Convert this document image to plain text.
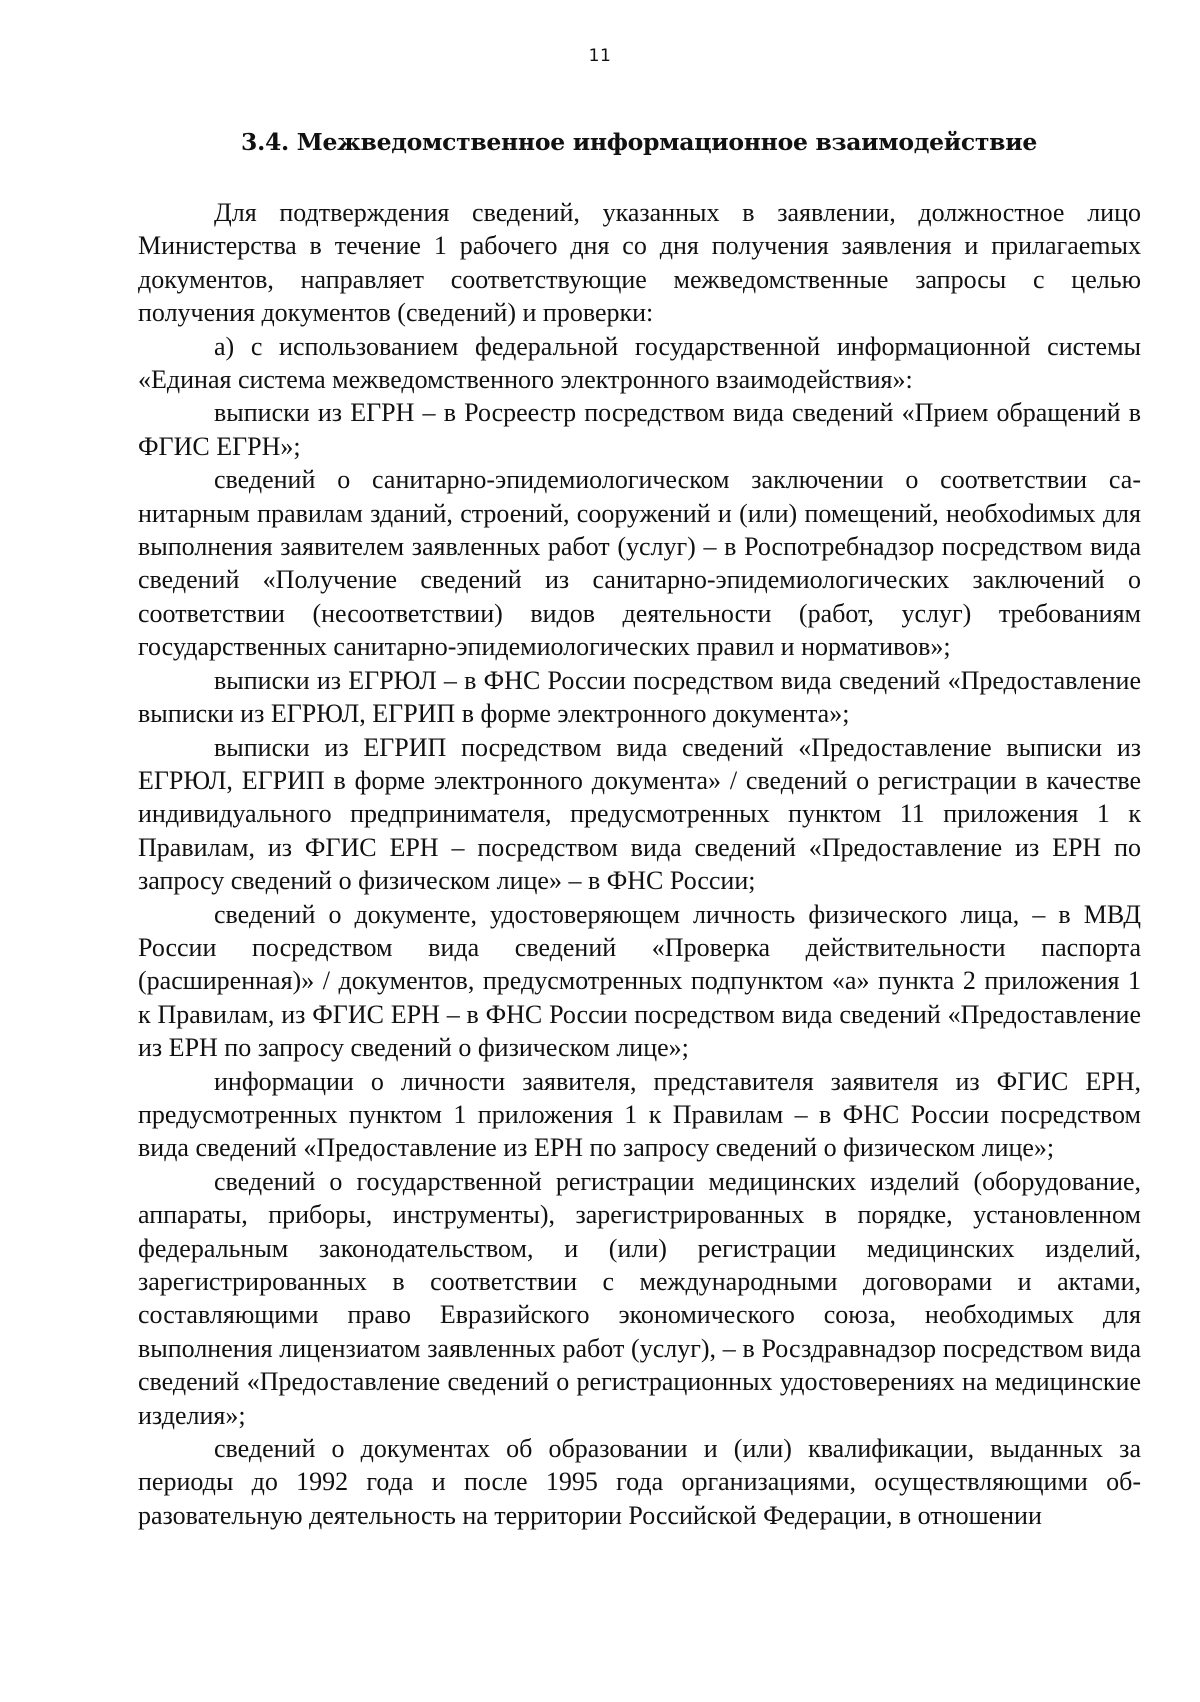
11
3.4. Межведомственное информационное взаимодействие

Для подтверждения сведений, указанных в заявлении, должностное лицо Министерства в течение 1 рабочего дня со дня получения заявления и прилагаemых документов, направляет соответствующие межведомственные запросы с целью получения документов (сведений) и проверки:

а) с использованием федеральной государственной информационной системы «Единая система межведомственного электронного взаимодействия»:

выписки из ЕГРН – в Росреестр посредством вида сведений «Прием обращений в ФГИС ЕГРН»;

сведений о санитарно-эпидемиологическом заключении о соответствии санитарным правилам зданий, строений, сооружений и (или) помещений, необхоdимых для выполнения заявителем заявленных работ (услуг) – в Роспотребнадзор посредством вида сведений «Получение сведений из санитарно-эпидемиологических заключений о соответствии (несоответствии) видов деятельности (работ, услуг) требованиям государственных санитарно-эпидемиологических правил и нормативов»;

выписки из ЕГРЮЛ – в ФНС России посредством вида сведений «Предоставление выписки из ЕГРЮЛ, ЕГРИП в форме электронного документа»;

выписки из ЕГРИП посредством вида сведений «Предоставление выписки из ЕГРЮЛ, ЕГРИП в форме электронного документа» / сведений о регистрации в качестве индивидуального предпринимателя, предусмотренных пунктом 11 приложения 1 к Правилам, из ФГИС ЕРН – посредством вида сведений «Предоставление из ЕРН по запросу сведений о физическом лице» – в ФНС России;

сведений о документе, удостоверяющем личность физического лица, – в МВД России посредством вида сведений «Проверка действительности паспорта (расширенная)» / документов, предусмотренных подпунктом «а» пункта 2 приложения 1 к Правилам, из ФГИС ЕРН – в ФНС России посредством вида сведений «Предоставление из ЕРН по запросу сведений о физическом лице»;

информации о личности заявителя, представителя заявителя из ФГИС ЕРН, предусмотренных пунктом 1 приложения 1 к Правилам – в ФНС России посредством вида сведений «Предоставление из ЕРН по запросу сведений о физическом лице»;

сведений о государственной регистрации медицинских изделий (оборудование, аппараты, приборы, инструменты), зарегистрированных в порядке, установленном федеральным законодательством, и (или) регистрации медицинских изделий, зарегистрированных в соответствии с международными договорами и актами, составляющими право Евразийского экономического союза, необходимых для выполнения лицензиатом заявленных работ (услуг), – в Росздравнадзор посредством вида сведений «Предоставление сведений о регистрационных удостоверениях на медицинские изделия»;

сведений о документах об образовании и (или) квалификации, выданных за периоды до 1992 года и после 1995 года организациями, осуществляющими образовательную деятельность на территории Российской Федерации, в отношении
